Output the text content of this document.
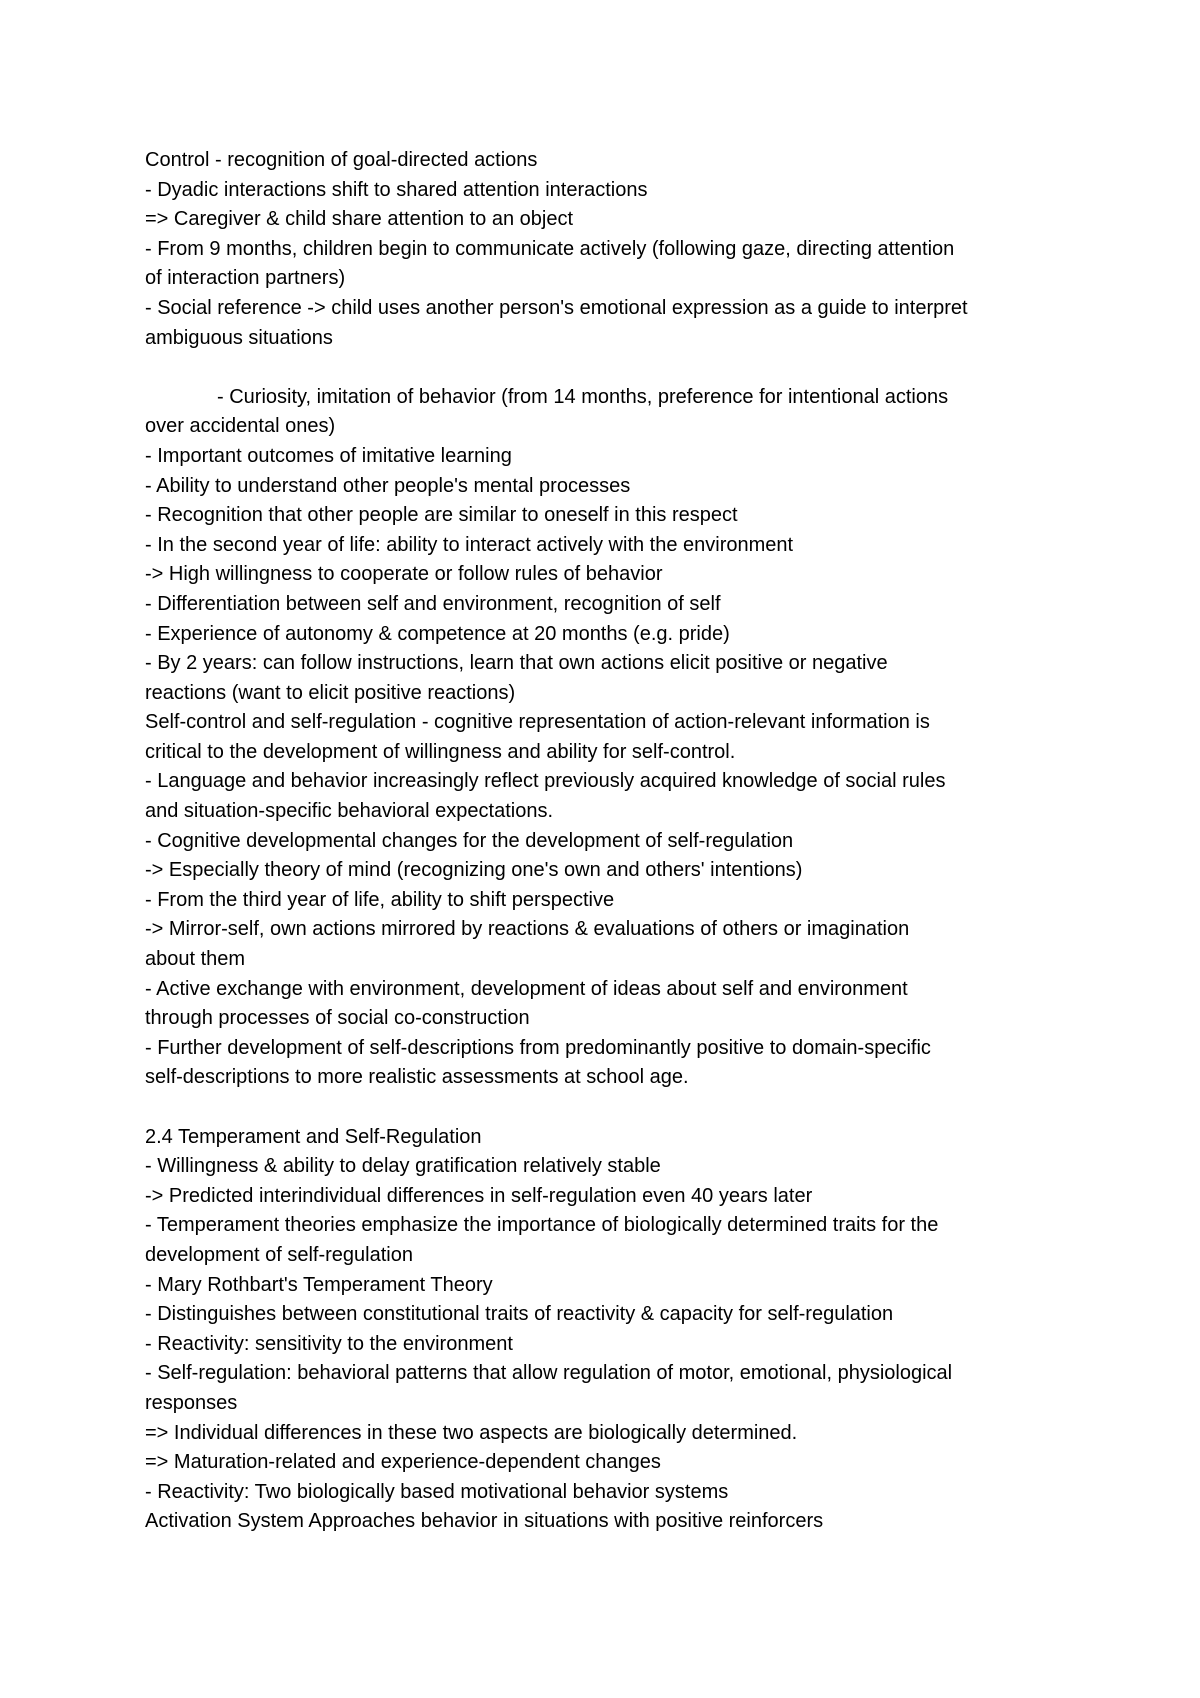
Control - recognition of goal-directed actions
- Dyadic interactions shift to shared attention interactions
=> Caregiver & child share attention to an object
- From 9 months, children begin to communicate actively (following gaze, directing attention
of interaction partners)
- Social reference -> child uses another person's emotional expression as a guide to interpret
ambiguous situations
- Curiosity, imitation of behavior (from 14 months, preference for intentional actions
over accidental ones)
- Important outcomes of imitative learning
- Ability to understand other people's mental processes
- Recognition that other people are similar to oneself in this respect
- In the second year of life: ability to interact actively with the environment
-> High willingness to cooperate or follow rules of behavior
- Differentiation between self and environment, recognition of self
- Experience of autonomy & competence at 20 months (e.g. pride)
- By 2 years: can follow instructions, learn that own actions elicit positive or negative
reactions (want to elicit positive reactions)
Self-control and self-regulation - cognitive representation of action-relevant information is
critical to the development of willingness and ability for self-control.
- Language and behavior increasingly reflect previously acquired knowledge of social rules
and situation-specific behavioral expectations.
- Cognitive developmental changes for the development of self-regulation
-> Especially theory of mind (recognizing one's own and others' intentions)
- From the third year of life, ability to shift perspective
-> Mirror-self, own actions mirrored by reactions & evaluations of others or imagination
about them
- Active exchange with environment, development of ideas about self and environment
through processes of social co-construction
- Further development of self-descriptions from predominantly positive to domain-specific
self-descriptions to more realistic assessments at school age.
2.4 Temperament and Self-Regulation
- Willingness & ability to delay gratification relatively stable
-> Predicted interindividual differences in self-regulation even 40 years later
- Temperament theories emphasize the importance of biologically determined traits for the
development of self-regulation
- Mary Rothbart's Temperament Theory
- Distinguishes between constitutional traits of reactivity & capacity for self-regulation
- Reactivity: sensitivity to the environment
- Self-regulation: behavioral patterns that allow regulation of motor, emotional, physiological
responses
=> Individual differences in these two aspects are biologically determined.
=> Maturation-related and experience-dependent changes
- Reactivity: Two biologically based motivational behavior systems
Activation System Approaches behavior in situations with positive reinforcers
